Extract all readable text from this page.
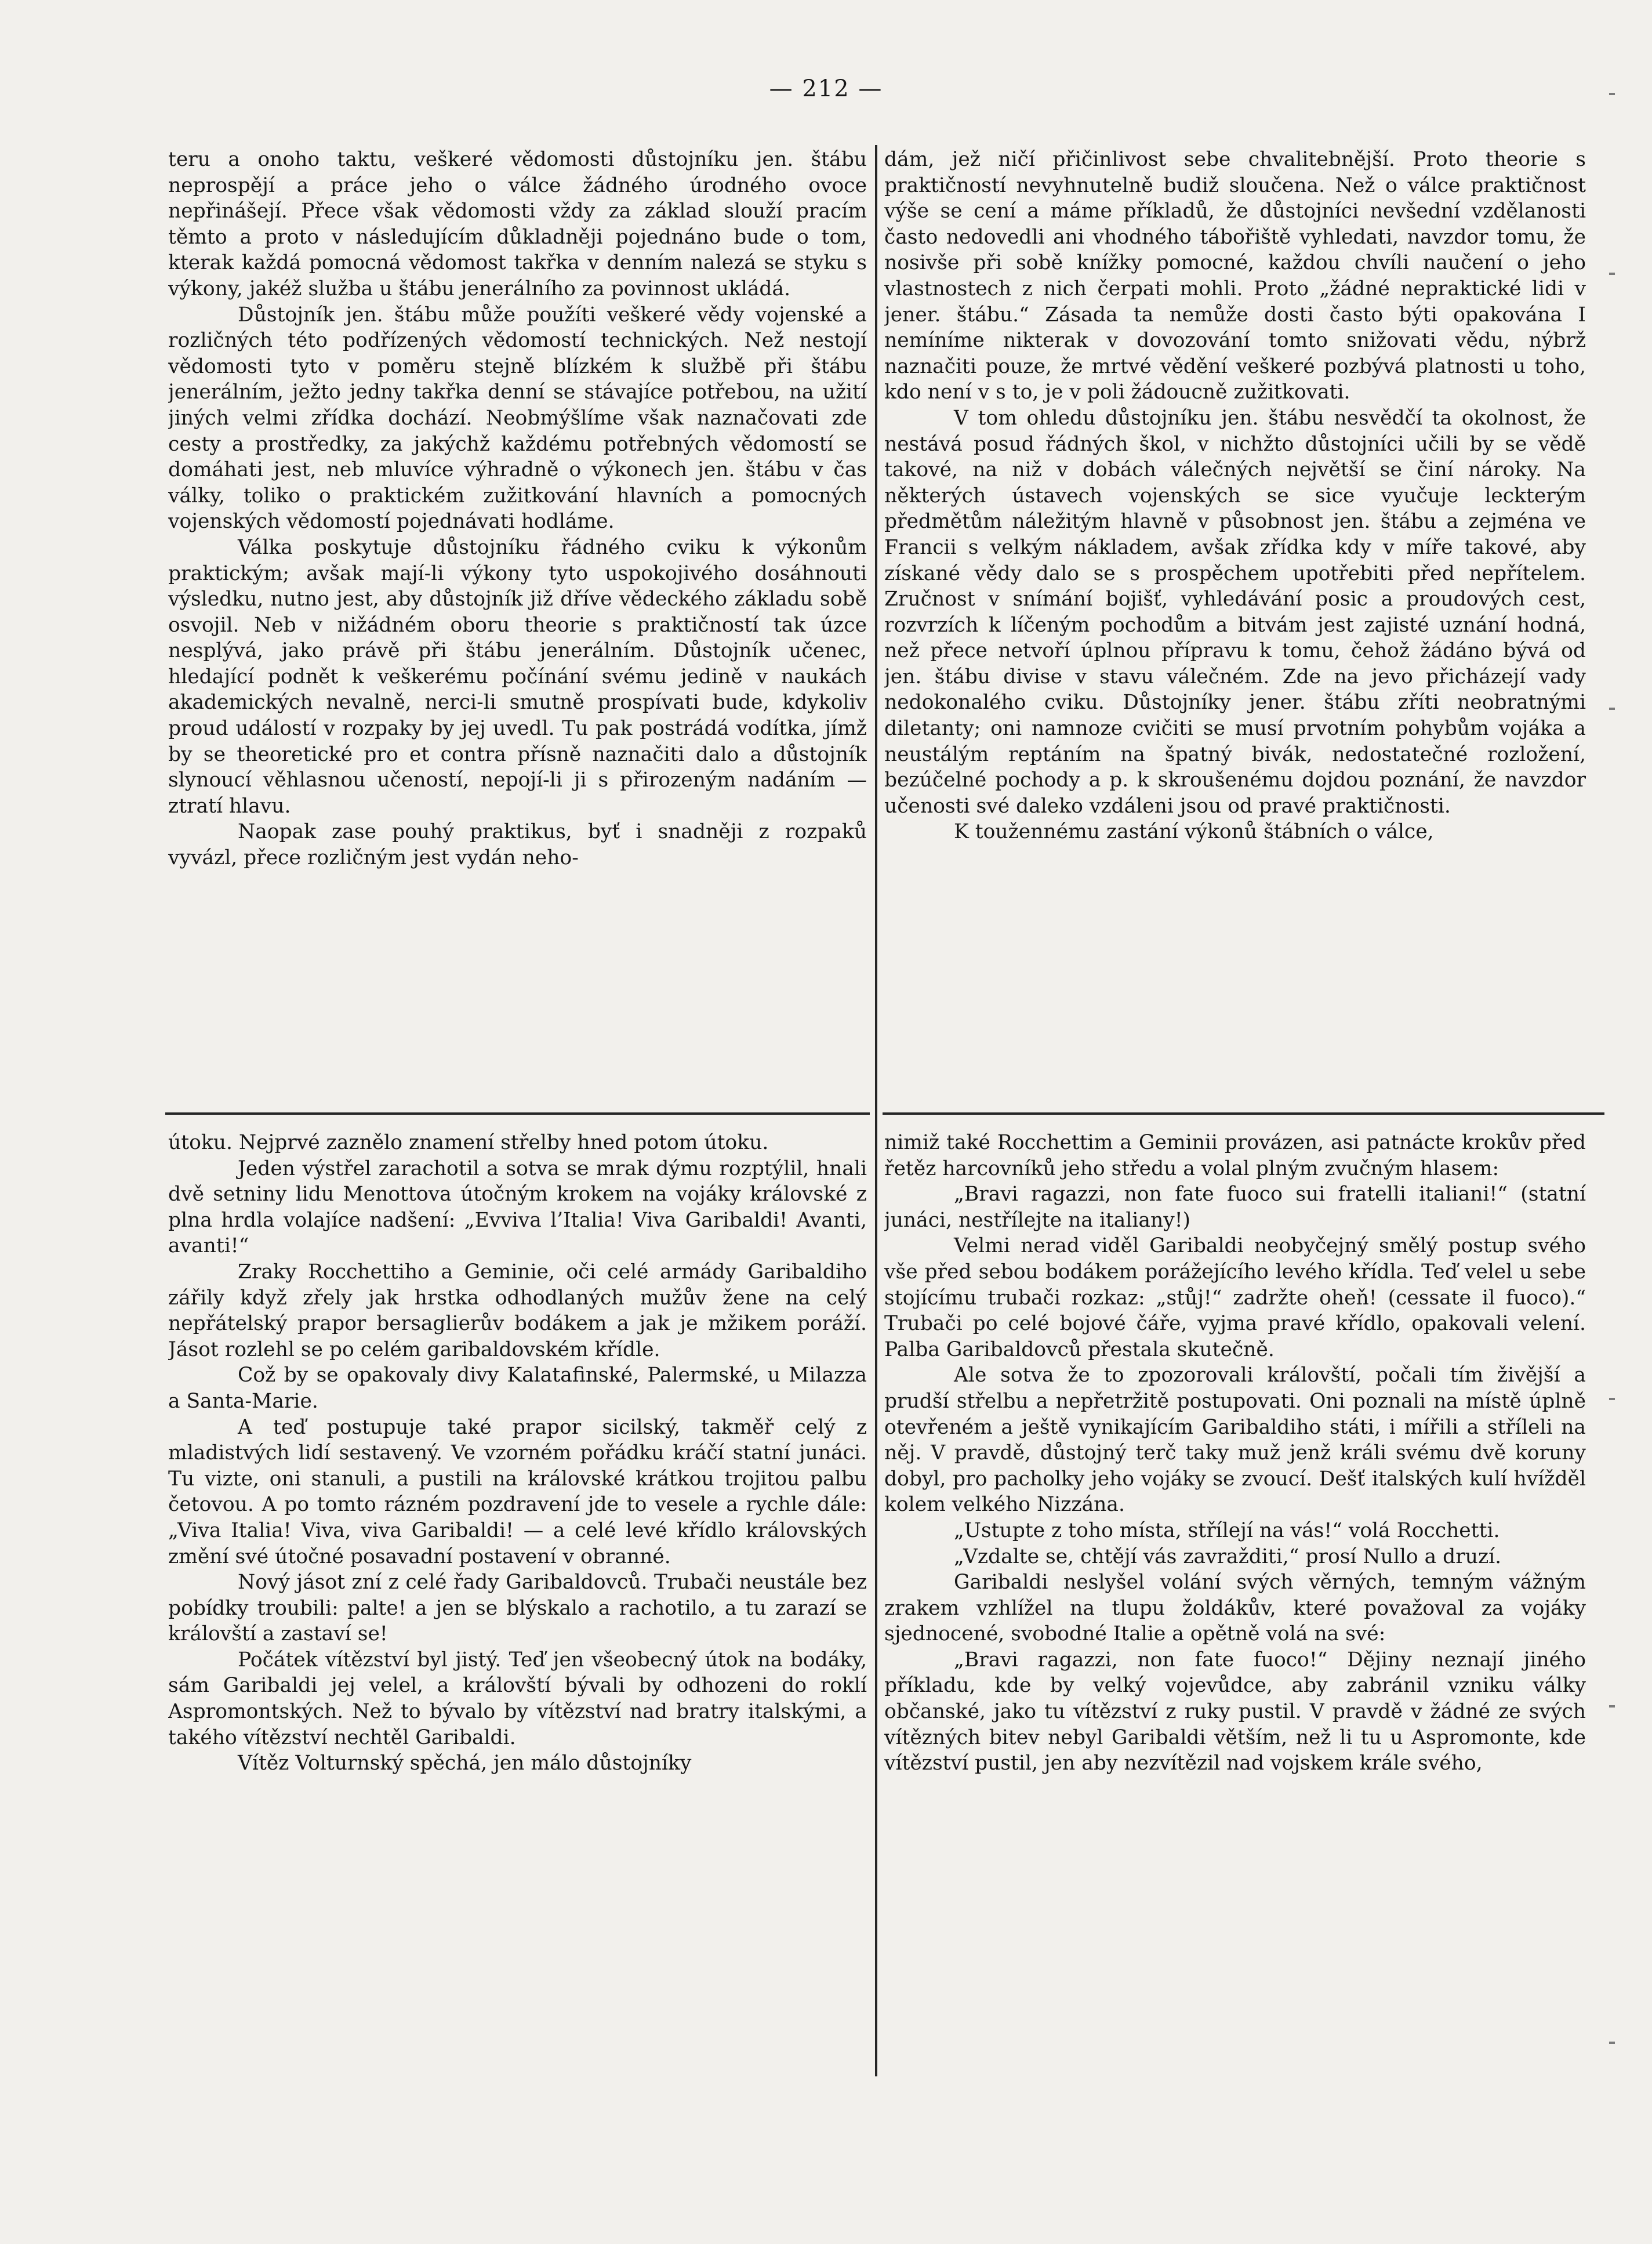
— 212 —

teru a onoho taktu, veškeré vědomosti důstojníku jen. štábu neprospějí a práce jeho o válce žádného úrodného ovoce nepřinášejí. Přece však vědomosti vždy za základ slouží pracím těmto a proto v následujícím důkladněji pojednáno bude o tom, kterak každá pomocná vědomost takřka v denním nalezá se styku s výkony, jakéž služba u štábu jenerálního za povinnost ukládá.

Důstojník jen. štábu může použíti veškeré vědy vojenské a rozličných této podřízených vědomostí technických. Než nestojí vědomosti tyto v poměru stejně blízkém k službě při štábu jenerálním, ježto jedny takřka denní se stávajíce potřebou, na užití jiných velmi zřídka dochází. Neobmýšlíme však naznačovati zde cesty a prostředky, za jakýchž každému potřebných vědomostí se domáhati jest, neb mluvíce výhradně o výkonech jen. štábu v čas války, toliko o praktickém zužitkování hlavních a pomocných vojenských vědomostí pojednávati hodláme.

Válka poskytuje důstojníku řádného cviku k výkonům praktickým; avšak mají-li výkony tyto uspokojivého dosáhnouti výsledku, nutno jest, aby důstojník již dříve vědeckého základu sobě osvojil. Neb v nižádném oboru theorie s praktičností tak úzce nesplývá, jako právě při štábu jenerálním. Důstojník učenec, hledající podnět k veškerému počínání svému jedině v naukách akademických nevalně, nerci-li smutně prospívati bude, kdykoliv proud událostí v rozpaky by jej uvedl. Tu pak postrádá vodítka, jímž by se theoretické pro et contra přísně naznačiti dalo a důstojník slynoucí věhlasnou učeností, nepojí-li ji s přirozeným nadáním — ztratí hlavu.

Naopak zase pouhý praktikus, byť i snadněji z rozpaků vyvázl, přece rozličným jest vydán neho-

dám, jež ničí přičinlivost sebe chvalitebnější. Proto theorie s praktičností nevyhnutelně budiž sloučena. Než o válce praktičnost výše se cení a máme příkladů, že důstojníci nevšední vzdělanosti často nedovedli ani vhodného tábořiště vyhledati, navzdor tomu, že nosivše při sobě knížky pomocné, každou chvíli naučení o jeho vlastnostech z nich čerpati mohli. Proto „žádné nepraktické lidi v jener. štábu.“ Zásada ta nemůže dosti často býti opakována I nemíníme nikterak v dovozování tomto snižovati vědu, nýbrž naznačiti pouze, že mrtvé vědění veškeré pozbývá platnosti u toho, kdo není v s to, je v poli žádoucně zužitkovati.

V tom ohledu důstojníku jen. štábu nesvědčí ta okolnost, že nestává posud řádných škol, v nichžto důstojníci učili by se vědě takové, na niž v dobách válečných největší se činí nároky. Na některých ústavech vojenských se sice vyučuje leckterým předmětům náležitým hlavně v působnost jen. štábu a zejména ve Francii s velkým nákladem, avšak zřídka kdy v míře takové, aby získané vědy dalo se s prospěchem upotřebiti před nepřítelem. Zručnost v snímání bojišť, vyhledávání posic a proudových cest, rozvrzích k líčeným pochodům a bitvám jest zajisté uznání hodná, než přece netvoří úplnou přípravu k tomu, čehož žádáno bývá od jen. štábu divise v stavu válečném. Zde na jevo přicházejí vady nedokonalého cviku. Důstojníky jener. štábu zříti neobratnými diletanty; oni namnoze cvičiti se musí prvotním pohybům vojáka a neustálým reptáním na špatný bivák, nedostatečné rozložení, bezúčelné pochody a p. k skroušenému dojdou poznání, že navzdor učenosti své daleko vzdáleni jsou od pravé praktičnosti.

K toužennému zastání výkonů štábních o válce,

útoku. Nejprvé zaznělo znamení střelby hned potom útoku.

Jeden výstřel zarachotil a sotva se mrak dýmu rozptýlil, hnali dvě setniny lidu Menottova útočným krokem na vojáky královské z plna hrdla volajíce nadšení: „Evviva l’Italia! Viva Garibaldi! Avanti, avanti!“

Zraky Rocchettiho a Geminie, oči celé armády Garibaldiho zářily když zřely jak hrstka odhodlaných mužův žene na celý nepřátelský prapor bersaglierův bodákem a jak je mžikem poráží. Jásot rozlehl se po celém garibaldovském křídle.

Což by se opakovaly divy Kalatafinské, Palermské, u Milazza a Santa-Marie.

A teď postupuje také prapor sicilský, takměř celý z mladistvých lidí sestavený. Ve vzorném pořádku kráčí statní junáci. Tu vizte, oni stanuli, a pustili na královské krátkou trojitou palbu četovou. A po tomto rázném pozdravení jde to vesele a rychle dále: „Viva Italia! Viva, viva Garibaldi! — a celé levé křídlo královských změní své útočné posavadní postavení v obranné.

Nový jásot zní z celé řady Garibaldovců. Trubači neustále bez pobídky troubili: palte! a jen se blýskalo a rachotilo, a tu zarazí se královští a zastaví se!

Počátek vítězství byl jistý. Teď jen všeobecný útok na bodáky, sám Garibaldi jej velel, a královští bývali by odhozeni do roklí Aspromontských. Než to bývalo by vítězství nad bratry italskými, a takého vítězství nechtěl Garibaldi.

Vítěz Volturnský spěchá, jen málo důstojníky

nimiž také Rocchettim a Geminii provázen, asi patnácte krokův před řetěz harcovníků jeho středu a volal plným zvučným hlasem:

„Bravi ragazzi, non fate fuoco sui fratelli italiani!“ (statní junáci, nestřílejte na italiany!)

Velmi nerad viděl Garibaldi neobyčejný smělý postup svého vše před sebou bodákem porážejícího levého křídla. Teď velel u sebe stojícímu trubači rozkaz: „stůj!“ zadržte oheň! (cessate il fuoco).“ Trubači po celé bojové čáře, vyjma pravé křídlo, opakovali velení. Palba Garibaldovců přestala skutečně.

Ale sotva že to zpozorovali královští, počali tím živější a prudší střelbu a nepřetržitě postupovati. Oni poznali na místě úplně otevřeném a ještě vynikajícím Garibaldiho státi, i mířili a stříleli na něj. V pravdě, důstojný terč taky muž jenž králi svému dvě koruny dobyl, pro pacholky jeho vojáky se zvoucí. Dešť italských kulí hvížděl kolem velkého Nizzána.

„Ustupte z toho místa, střílejí na vás!“ volá Rocchetti.

„Vzdalte se, chtějí vás zavražditi,“ prosí Nullo a druzí.

Garibaldi neslyšel volání svých věrných, temným vážným zrakem vzhlížel na tlupu žoldákův, které považoval za vojáky sjednocené, svobodné Italie a opětně volá na své:

„Bravi ragazzi, non fate fuoco!“ Dějiny neznají jiného příkladu, kde by velký vojevůdce, aby zabránil vzniku války občanské, jako tu vítězství z ruky pustil. V pravdě v žádné ze svých vítězných bitev nebyl Garibaldi větším, než li tu u Aspromonte, kde vítězství pustil, jen aby nezvítězil nad vojskem krále svého,
